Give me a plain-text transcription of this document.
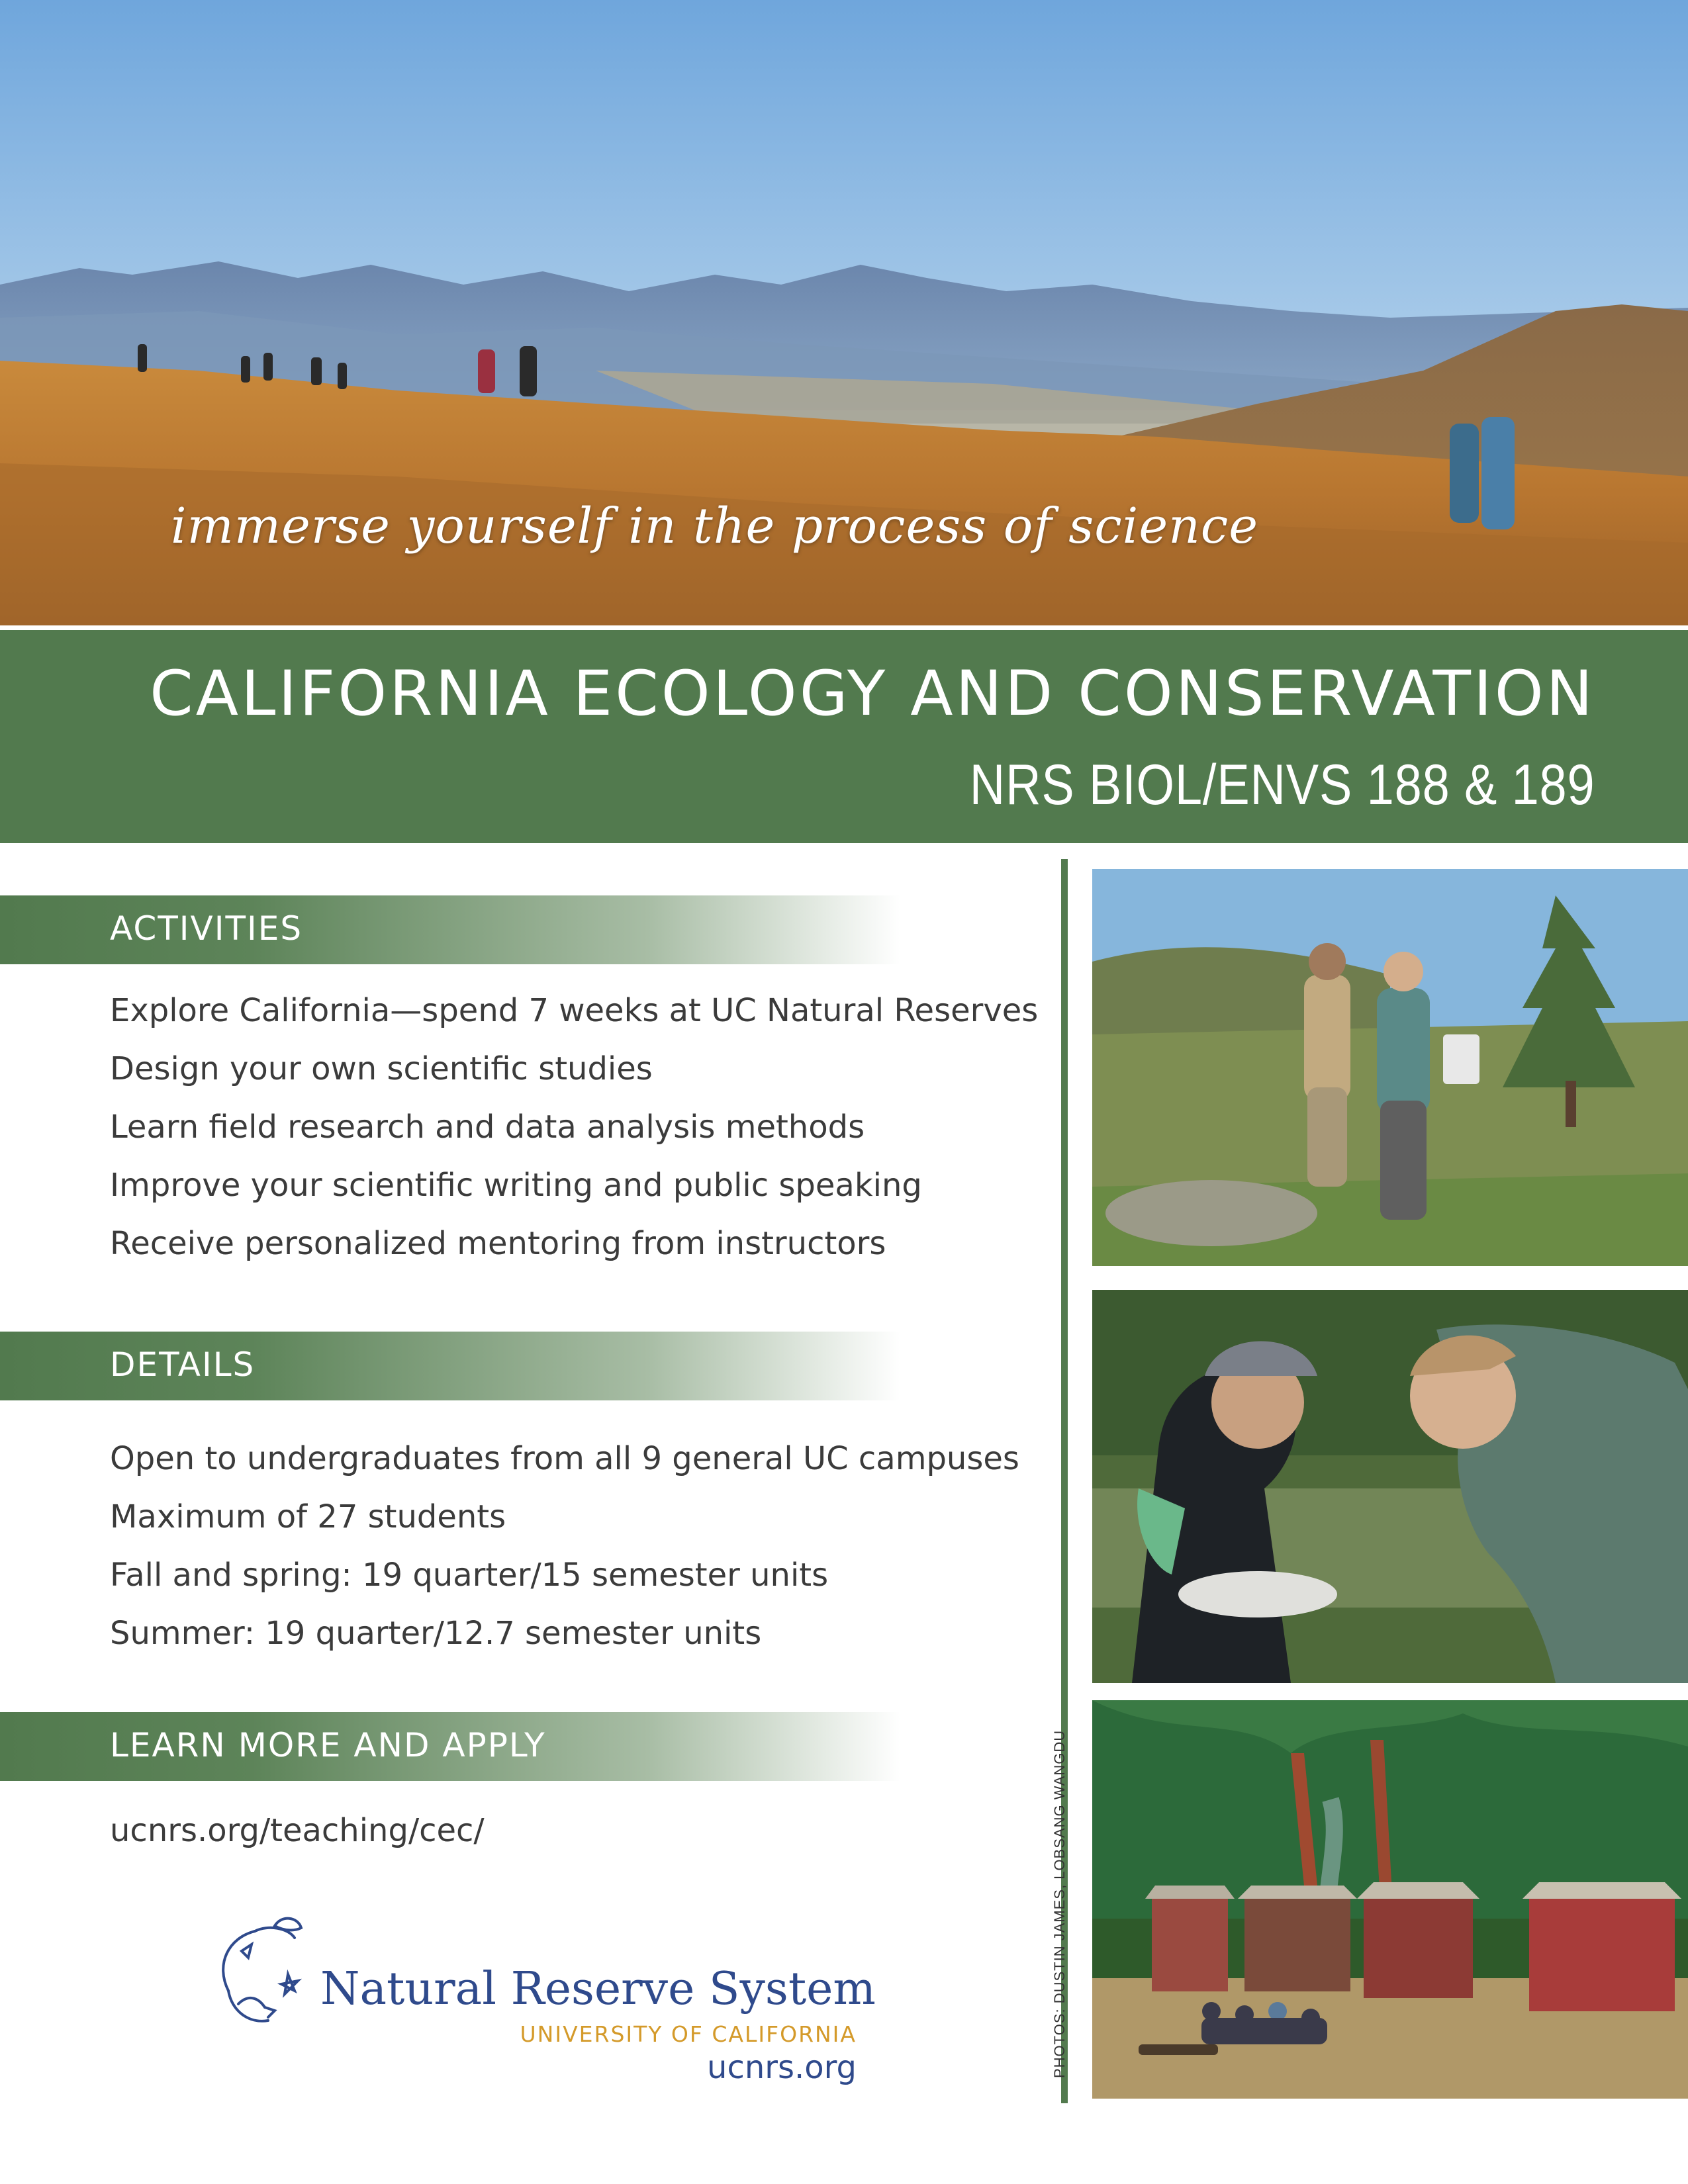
immerse yourself in the process of science
CALIFORNIA ECOLOGY AND CONSERVATION
NRS BIOL/ENVS 188 & 189
ACTIVITIES
Explore California—spend 7 weeks at UC Natural Reserves
Design your own scientific studies
Learn field research and data analysis methods
Improve your scientific writing and public speaking
Receive personalized mentoring from instructors
DETAILS
Open to undergraduates from all 9 general UC campuses
Maximum of 27 students
Fall and spring: 19 quarter/15 semester units
Summer: 19 quarter/12.7 semester units
LEARN MORE AND APPLY
ucnrs.org/teaching/cec/
Natural Reserve System
UNIVERSITY OF CALIFORNIA
ucnrs.org	PHOTOS: DUSTIN JAMES, LOBSANG WANGDU
